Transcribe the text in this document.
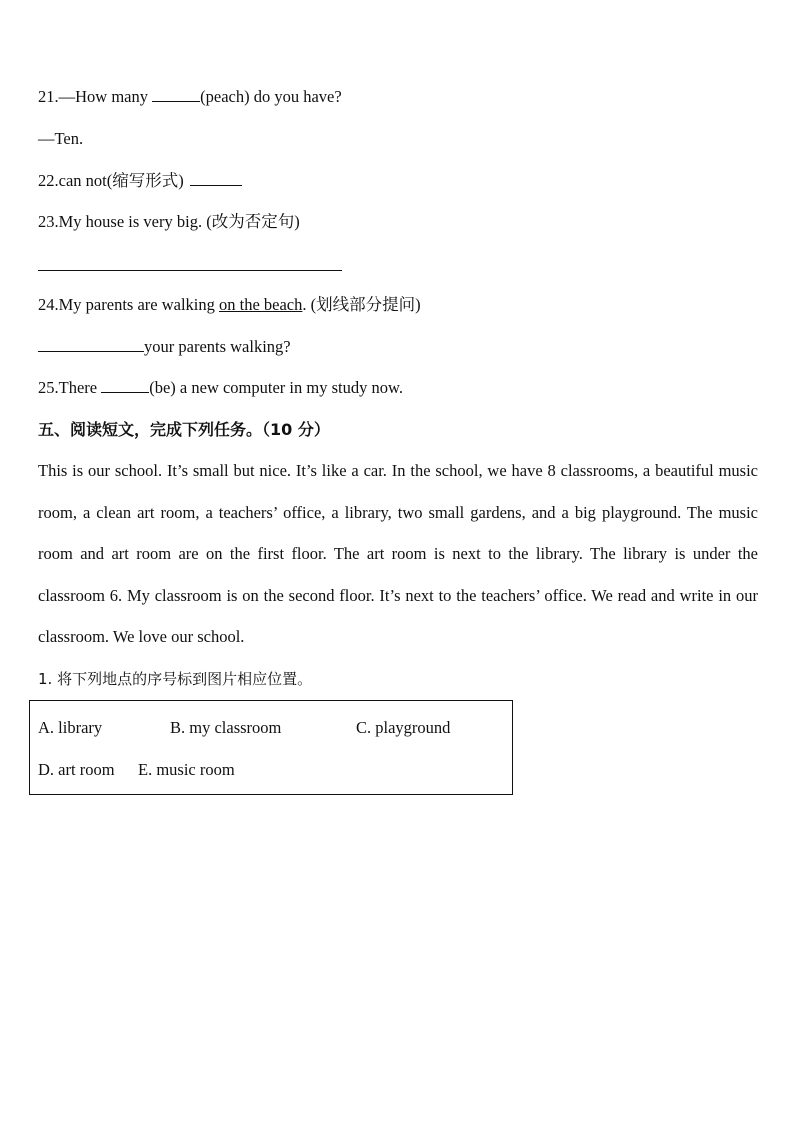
21.—How many	(peach) do you have?
—Ten.
22.can not(缩写形式)
23.My house is very big. (改为否定句)
24.My parents are walking on the beach. (划线部分提问)
your parents walking?
25.There	(be) a new computer in my study now.
五、阅读短文，完成下列任务。（10 分）
This is our school. It’s small but nice. It’s like a car. In the school, we have 8 classrooms, a beautiful music room, a clean art room, a teachers’ office, a library, two small gardens, and a big playground. The music room and art room are on the first floor. The art room is next to the library. The library is under the classroom 6. My classroom is on the second floor. It’s next to the teachers’ office. We read and write in our classroom. We love our school.
1. 将下列地点的序号标到图片相应位置。
A. library	B. my classroom	C. playground
D. art room E. music room
